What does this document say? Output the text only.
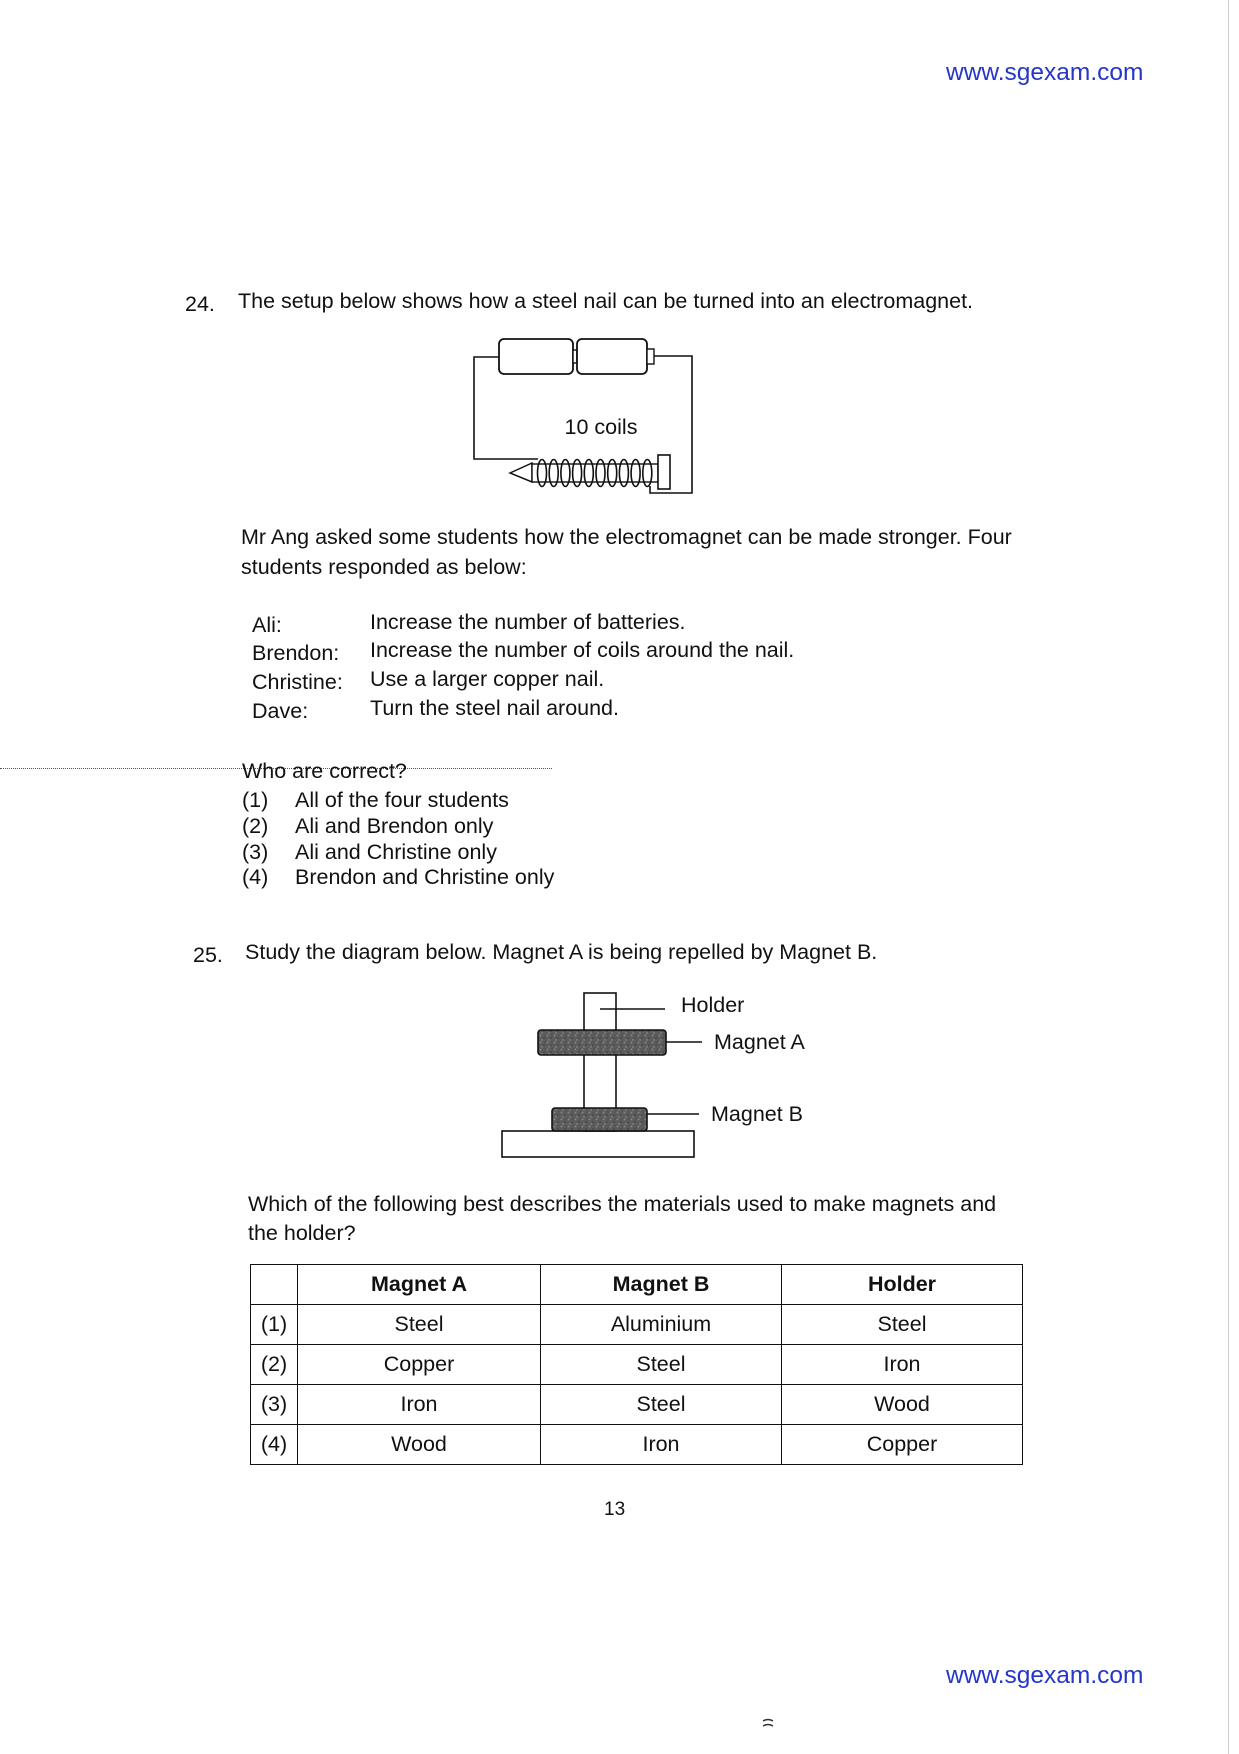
www.sgexam.com
24. The setup below shows how a steel nail can be turned into an electromagnet.
10 coils
Mr Ang asked some students how the electromagnet can be made stronger. Four
students responded as below:
Ali:	Increase the number of batteries.
Brendon: Increase the number of coils around the nail.
Christine: Use a larger copper nail.
Dave:	Turn the steel nail around.
Who are correct?
(1) All of the four students
(2) Ali and Brendon only
(3) Ali and Christine only
(4) Brendon and Christine only
25. Study the diagram below. Magnet A is being repelled by Magnet B.
Holder
Magnet A
Magnet B
Which of the following best describes the materials used to make magnets and
the holder?
	Magnet A	Magnet B	Holder
(1)	Steel	Aluminium	Steel
(2)	Copper	Steel	Iron
(3)	Iron	Steel	Wood
(4)	Wood	Iron	Copper
13
www.sgexam.com
